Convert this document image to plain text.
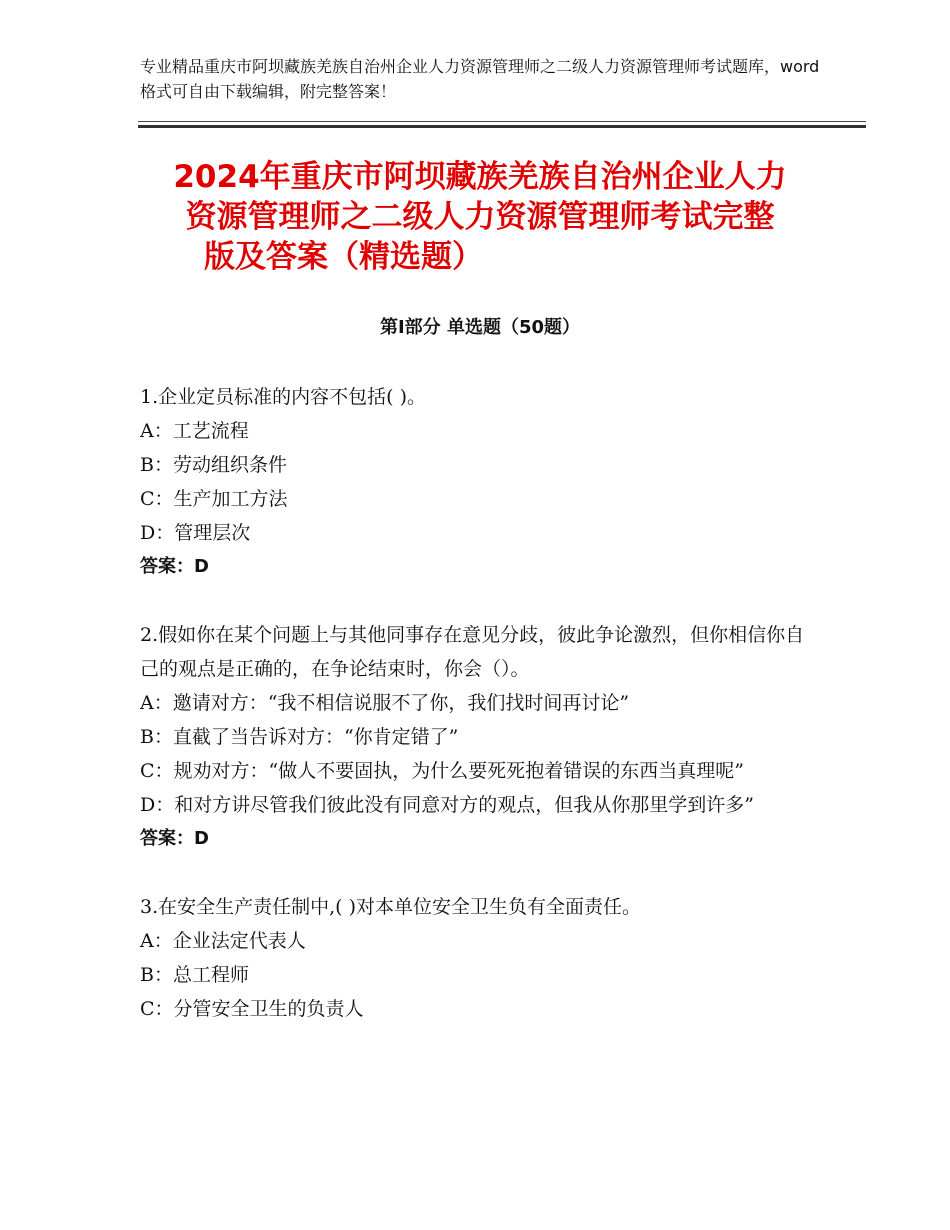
专业精品重庆市阿坝藏族羌族自治州企业人力资源管理师之二级人力资源管理师考试题库，word格式可自由下载编辑，附完整答案！
2024年重庆市阿坝藏族羌族自治州企业人力
资源管理师之二级人力资源管理师考试完整
版及答案（精选题）
第Ⅰ部分 单选题（50题）

1.企业定员标准的内容不包括( )。

A：工艺流程

B：劳动组织条件

C：生产加工方法

D：管理层次

答案：D

2.假如你在某个问题上与其他同事存在意见分歧，彼此争论激烈，但你相信你自己的观点是正确的，在争论结束时，你会（）。

A：邀请对方：“我不相信说服不了你，我们找时间再讨论”

B：直截了当告诉对方：“你肯定错了”

C：规劝对方：“做人不要固执，为什么要死死抱着错误的东西当真理呢”

D：和对方讲尽管我们彼此没有同意对方的观点，但我从你那里学到许多”

答案：D

3.在安全生产责任制中,( )对本单位安全卫生负有全面责任。

A：企业法定代表人

B：总工程师

C：分管安全卫生的负责人
